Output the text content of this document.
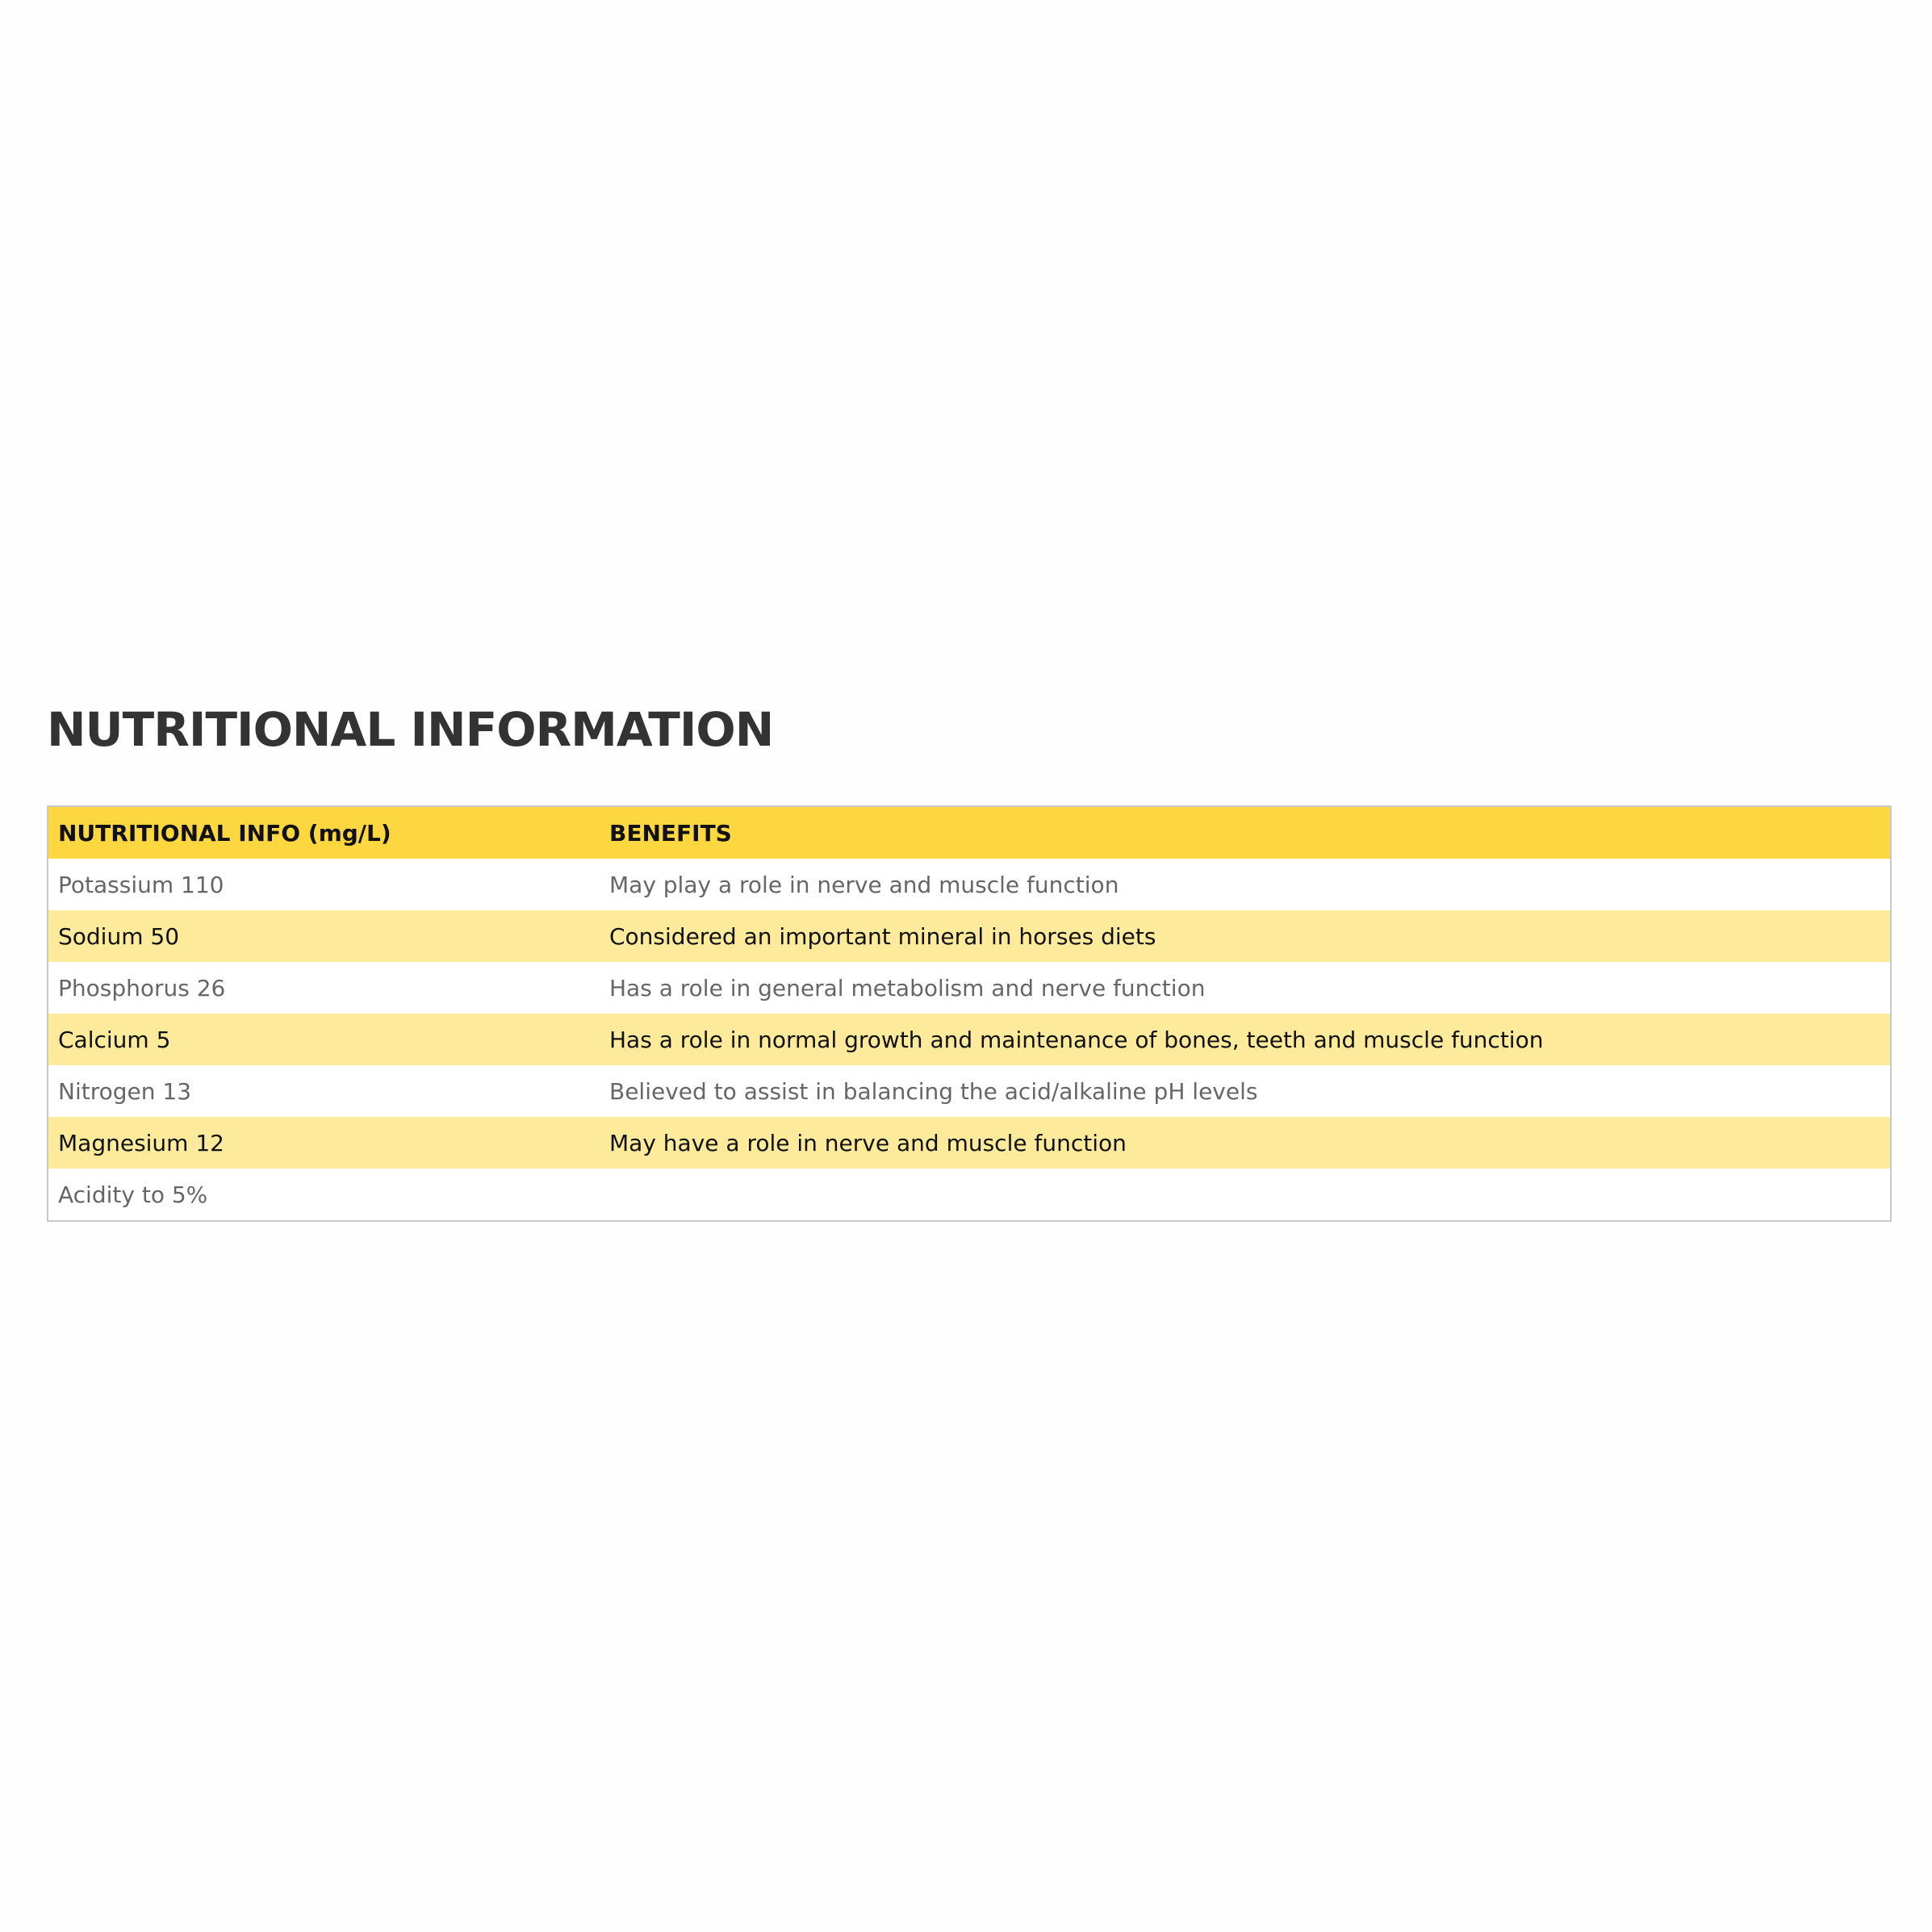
NUTRITIONAL INFORMATION
NUTRITIONAL INFO (mg/L)	BENEFITS
Potassium 110	May play a role in nerve and muscle function
Sodium 50	Considered an important mineral in horses diets
Phosphorus 26	Has a role in general metabolism and nerve function
Calcium 5	Has a role in normal growth and maintenance of bones, teeth and muscle function
Nitrogen 13	Believed to assist in balancing the acid/alkaline pH levels
Magnesium 12	May have a role in nerve and muscle function
Acidity to 5%	
